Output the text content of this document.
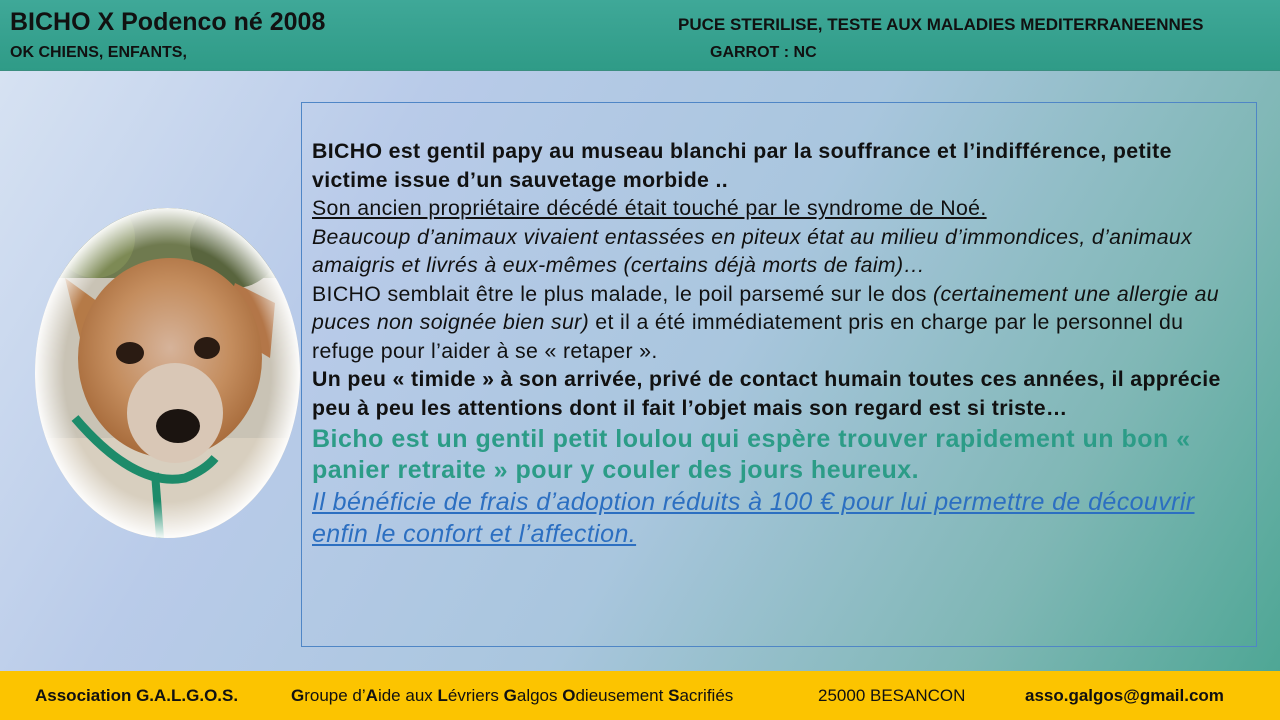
BICHO X Podenco né 2008
OK CHIENS, ENFANTS,
PUCE STERILISE, TESTE AUX MALADIES MEDITERRANEENNES
GARROT : NC

BICHO est gentil papy au museau blanchi par la souffrance et l’indifférence, petite victime issue d’un sauvetage morbide ..

Son ancien propriétaire décédé était touché par le syndrome de Noé.

Beaucoup d’animaux vivaient entassées en piteux état au milieu d’immondices, d’animaux amaigris et livrés à eux-mêmes (certains déjà morts de faim)…

BICHO semblait être le plus malade, le poil parsemé sur le dos (certainement une allergie au puces non soignée bien sur) et il a été immédiatement pris en charge par le personnel du refuge pour l’aider à se « retaper ».

Un peu « timide » à son arrivée, privé de contact humain toutes ces années, il apprécie peu à peu les attentions dont il fait l’objet mais son regard est si triste…

Bicho est un gentil petit loulou qui espère trouver rapidement un bon « panier retraite » pour y couler des jours heureux.

Il bénéficie de frais d’adoption réduits à 100 € pour lui permettre de découvrir enfin le confort et l’affection.

Association G.A.L.G.O.S.	Groupe d’Aide aux Lévriers Galgos Odieusement Sacrifiés	25000 BESANCON	asso.galgos@gmail.com
